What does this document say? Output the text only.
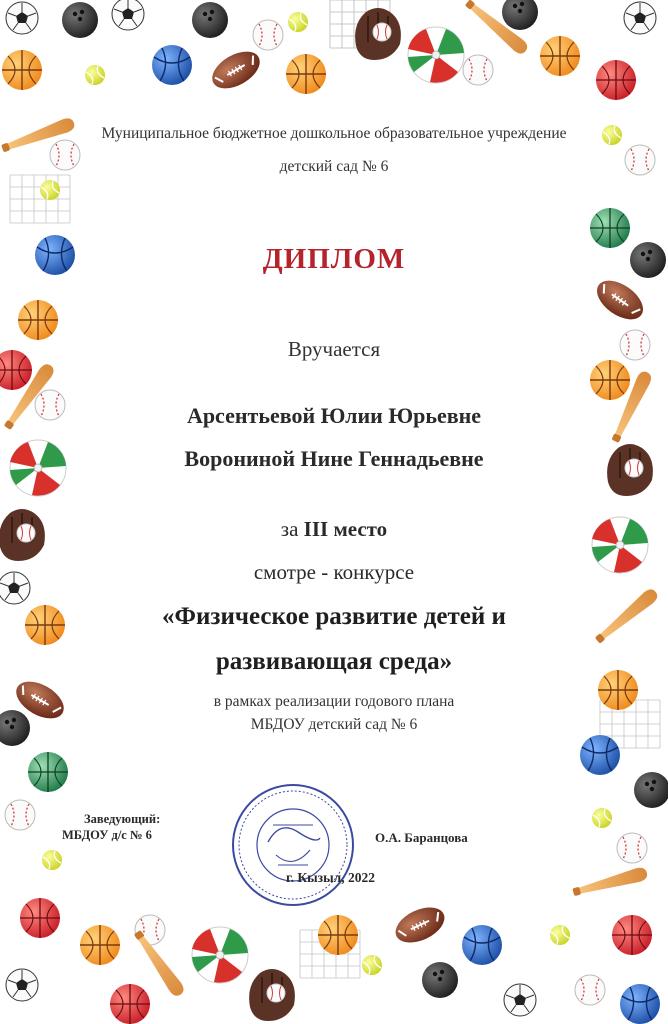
Муниципальное бюджетное дошкольное образовательное учреждение
детский сад № 6
ДИПЛОМ
Вручается
Арсентьевой Юлии Юрьевне
Ворониной Нине Геннадьевне
за III место
смотре - конкурсе
«Физическое развитие детей и
развивающая среда»
в рамках реализации годового плана
МБДОУ детский сад № 6
Заведующий:
МБДОУ д/с № 6	О.А. Баранцова
г. Кызыл, 2022
